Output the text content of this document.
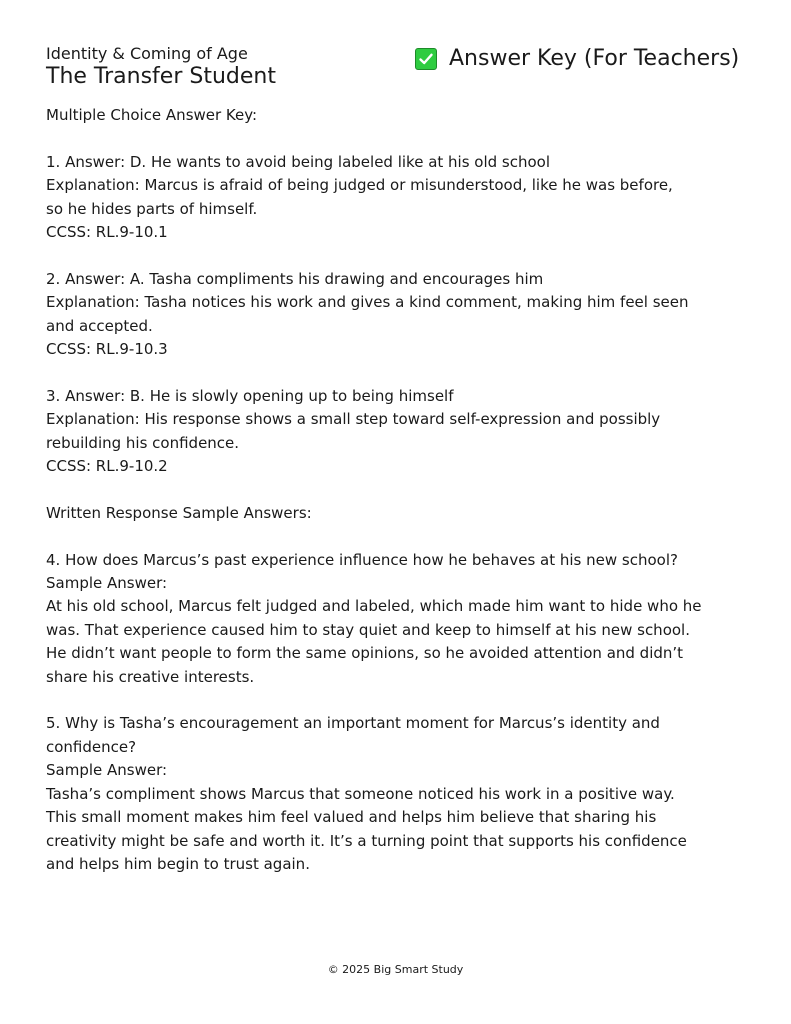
Identity & Coming of Age
The Transfer Student
Answer Key (For Teachers)
Multiple Choice Answer Key:
1. Answer: D. He wants to avoid being labeled like at his old school
Explanation: Marcus is afraid of being judged or misunderstood, like he was before,
so he hides parts of himself.
CCSS: RL.9-10.1
2. Answer: A. Tasha compliments his drawing and encourages him
Explanation: Tasha notices his work and gives a kind comment, making him feel seen
and accepted.
CCSS: RL.9-10.3
3. Answer: B. He is slowly opening up to being himself
Explanation: His response shows a small step toward self-expression and possibly
rebuilding his confidence.
CCSS: RL.9-10.2
Written Response Sample Answers:
4. How does Marcus’s past experience influence how he behaves at his new school?
Sample Answer:
At his old school, Marcus felt judged and labeled, which made him want to hide who he
was. That experience caused him to stay quiet and keep to himself at his new school.
He didn’t want people to form the same opinions, so he avoided attention and didn’t
share his creative interests.
5. Why is Tasha’s encouragement an important moment for Marcus’s identity and
confidence?
Sample Answer:
Tasha’s compliment shows Marcus that someone noticed his work in a positive way.
This small moment makes him feel valued and helps him believe that sharing his
creativity might be safe and worth it. It’s a turning point that supports his confidence
and helps him begin to trust again.
© 2025 Big Smart Study
